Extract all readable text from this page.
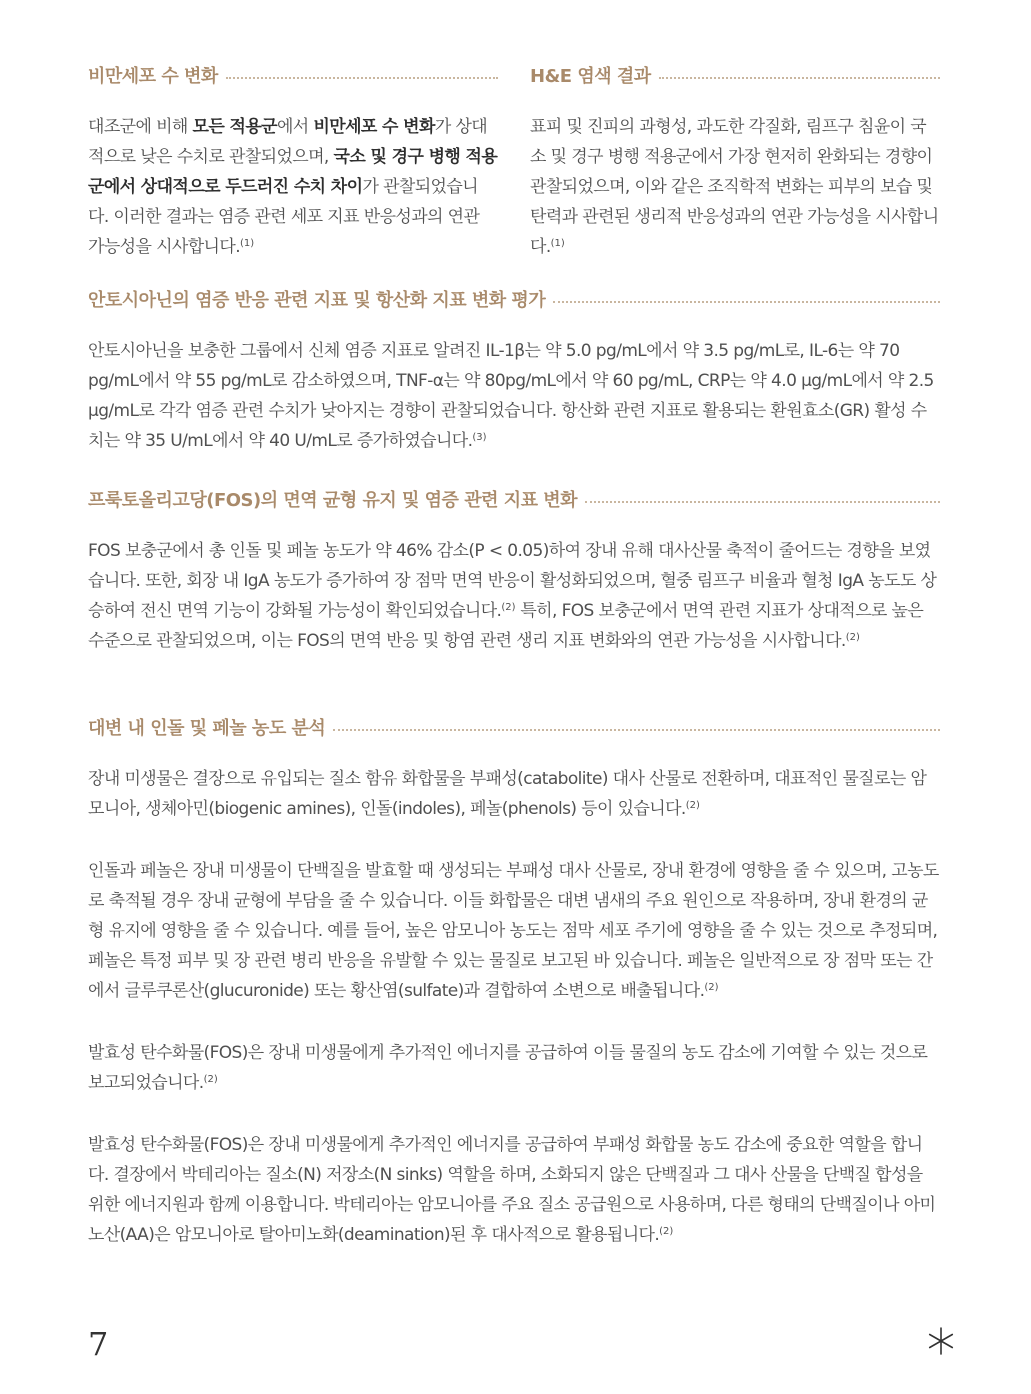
비만세포 수 변화

대조군에 비해 모든 적용군에서 비만세포 수 변화가 상대적으로 낮은 수치로 관찰되었으며, 국소 및 경구 병행 적용군에서 상대적으로 두드러진 수치 차이가 관찰되었습니다. 이러한 결과는 염증 관련 세포 지표 반응성과의 연관 가능성을 시사합니다.$^{(1)}$

H&E 염색 결과

표피 및 진피의 과형성, 과도한 각질화, 림프구 침윤이 국소 및 경구 병행 적용군에서 가장 현저히 완화되는 경향이 관찰되었으며, 이와 같은 조직학적 변화는 피부의 보습 및 탄력과 관련된 생리적 반응성과의 연관 가능성을 시사합니다.$^{(1)}$

안토시아닌의 염증 반응 관련 지표 및 항산화 지표 변화 평가

안토시아닌을 보충한 그룹에서 신체 염증 지표로 알려진 IL-1β는 약 5.0 pg/mL에서 약 3.5 pg/mL로, IL-6는 약 70 pg/mL에서 약 55 pg/mL로 감소하였으며, TNF-α는 약 80pg/mL에서 약 60 pg/mL, CRP는 약 4.0 μg/mL에서 약 2.5 μg/mL로 각각 염증 관련 수치가 낮아지는 경향이 관찰되었습니다. 항산화 관련 지표로 활용되는 환원효소(GR) 활성 수치는 약 35 U/mL에서 약 40 U/mL로 증가하였습니다.$^{(3)}$

프룩토올리고당(FOS)의 면역 균형 유지 및 염증 관련 지표 변화

FOS 보충군에서 총 인돌 및 페놀 농도가 약 46% 감소(P < 0.05)하여 장내 유해 대사산물 축적이 줄어드는 경향을 보였습니다. 또한, 회장 내 IgA 농도가 증가하여 장 점막 면역 반응이 활성화되었으며, 혈중 림프구 비율과 혈청 IgA 농도도 상승하여 전신 면역 기능이 강화될 가능성이 확인되었습니다.$^{(2)}$ 특히, FOS 보충군에서 면역 관련 지표가 상대적으로 높은 수준으로 관찰되었으며, 이는 FOS의 면역 반응 및 항염 관련 생리 지표 변화와의 연관 가능성을 시사합니다.$^{(2)}$

대변 내 인돌 및 페놀 농도 분석

장내 미생물은 결장으로 유입되는 질소 함유 화합물을 부패성(catabolite) 대사 산물로 전환하며, 대표적인 물질로는 암모니아, 생체아민(biogenic amines), 인돌(indoles), 페놀(phenols) 등이 있습니다.$^{(2)}$

인돌과 페놀은 장내 미생물이 단백질을 발효할 때 생성되는 부패성 대사 산물로, 장내 환경에 영향을 줄 수 있으며, 고농도로 축적될 경우 장내 균형에 부담을 줄 수 있습니다. 이들 화합물은 대변 냄새의 주요 원인으로 작용하며, 장내 환경의 균형 유지에 영향을 줄 수 있습니다. 예를 들어, 높은 암모니아 농도는 점막 세포 주기에 영향을 줄 수 있는 것으로 추정되며, 페놀은 특정 피부 및 장 관련 병리 반응을 유발할 수 있는 물질로 보고된 바 있습니다. 페놀은 일반적으로 장 점막 또는 간에서 글루쿠론산(glucuronide) 또는 황산염(sulfate)과 결합하여 소변으로 배출됩니다.$^{(2)}$

발효성 탄수화물(FOS)은 장내 미생물에게 추가적인 에너지를 공급하여 이들 물질의 농도 감소에 기여할 수 있는 것으로 보고되었습니다.$^{(2)}$

발효성 탄수화물(FOS)은 장내 미생물에게 추가적인 에너지를 공급하여 부패성 화합물 농도 감소에 중요한 역할을 합니다. 결장에서 박테리아는 질소(N) 저장소(N sinks) 역할을 하며, 소화되지 않은 단백질과 그 대사 산물을 단백질 합성을 위한 에너지원과 함께 이용합니다. 박테리아는 암모니아를 주요 질소 공급원으로 사용하며, 다른 형태의 단백질이나 아미노산(AA)은 암모니아로 탈아미노화(deamination)된 후 대사적으로 활용됩니다.$^{(2)}$

7
